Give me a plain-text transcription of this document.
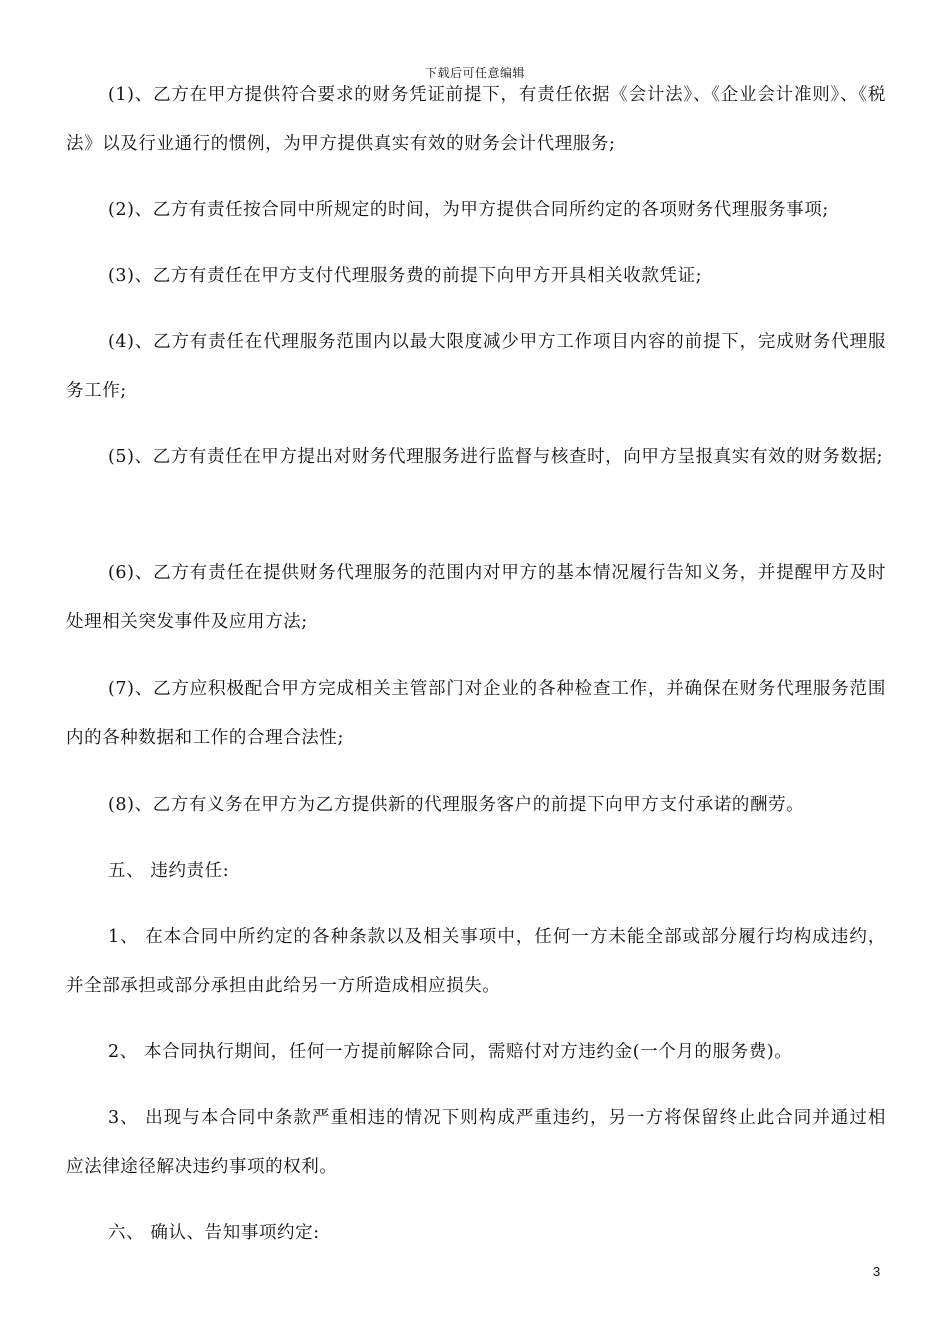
下载后可任意编辑

(1)、乙方在甲方提供符合要求的财务凭证前提下，有责任依据《会计法》、《企业会计准则》、《税法》以及行业通行的惯例，为甲方提供真实有效的财务会计代理服务;

(2)、乙方有责任按合同中所规定的时间，为甲方提供合同所约定的各项财务代理服务事项;

(3)、乙方有责任在甲方支付代理服务费的前提下向甲方开具相关收款凭证;

(4)、乙方有责任在代理服务范围内以最大限度减少甲方工作项目内容的前提下，完成财务代理服务工作;

(5)、乙方有责任在甲方提出对财务代理服务进行监督与核查时，向甲方呈报真实有效的财务数据;

(6)、乙方有责任在提供财务代理服务的范围内对甲方的基本情况履行告知义务，并提醒甲方及时处理相关突发事件及应用方法;

(7)、乙方应积极配合甲方完成相关主管部门对企业的各种检查工作，并确保在财务代理服务范围内的各种数据和工作的合理合法性;

(8)、乙方有义务在甲方为乙方提供新的代理服务客户的前提下向甲方支付承诺的酬劳。

五、 违约责任:

1、 在本合同中所约定的各种条款以及相关事项中，任何一方未能全部或部分履行均构成违约，并全部承担或部分承担由此给另一方所造成相应损失。

2、 本合同执行期间，任何一方提前解除合同，需赔付对方违约金(一个月的服务费)。

3、 出现与本合同中条款严重相违的情况下则构成严重违约，另一方将保留终止此合同并通过相应法律途径解决违约事项的权利。

六、 确认、告知事项约定:

3
